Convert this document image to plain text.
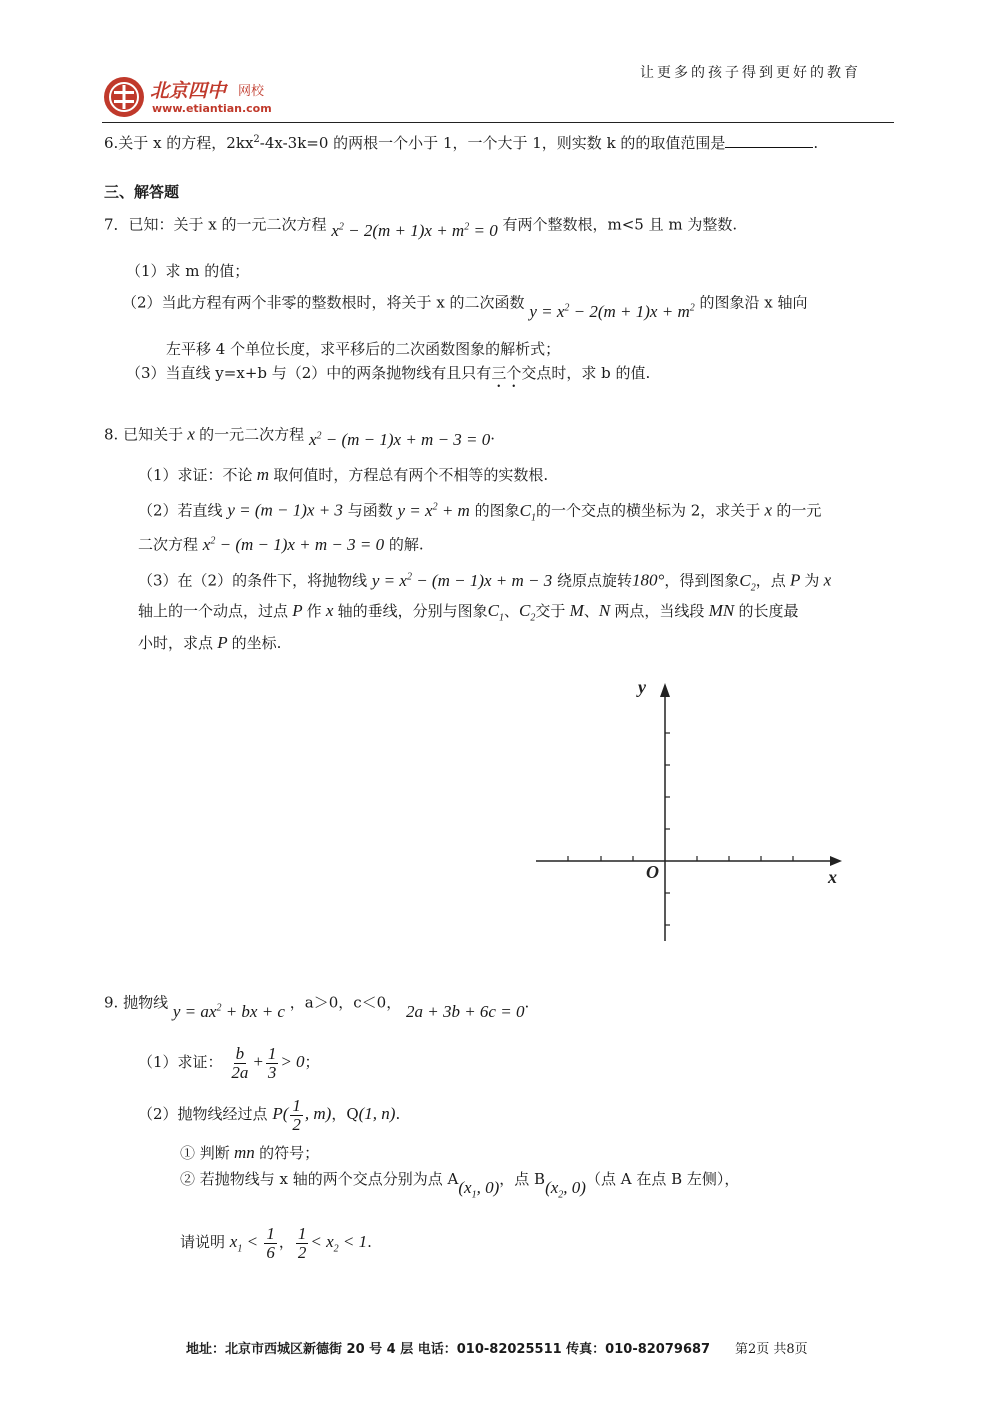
让更多的孩子得到更好的教育
北京四中 网校
www.etiantian.com
6.关于 x 的方程，$2kx^2-4x-3k=0$ 的两根一个小于 1，一个大于 1，则实数 k 的的取值范围是	.
三、解答题
7．已知：关于 x 的一元二次方程 $x^2 - 2(m + 1)x + m^2 = 0$ 有两个整数根，m<5 且 m 为整数.
（1）求 m 的值；
（2）当此方程有两个非零的整数根时，将关于 x 的二次函数 $y = x^2 - 2(m + 1)x + m^2$ 的图象沿 x 轴向
左平移 4 个单位长度，求平移后的二次函数图象的解析式；
（3）当直线 y=x+b 与（2）中的两条抛物线有且只有三个交点时，求 b 的值.
8. 已知关于 x 的一元二次方程 $x^2 - (m - 1)x + m - 3 = 0$.
（1）求证：不论 m 取何值时，方程总有两个不相等的实数根.
（2）若直线 y = (m − 1)x + 3 与函数 $y = x^2 + m$ 的图象$C_1$的一个交点的横坐标为 2，求关于 x 的一元
二次方程 $x^2 - (m - 1)x + m - 3 = 0$ 的解.
（3）在（2）的条件下，将抛物线 $y = x^2 - (m - 1)x + m - 3$ 绕原点旋转180°，得到图象$C_2$，点 P 为 x
轴上的一个动点，过点 P 作 x 轴的垂线，分别与图象$C_1$、$C_2$交于 M、N 两点，当线段 MN 的长度最
小时，求点 P 的坐标.
y
x
O
9. 抛物线 $y = ax^2$ + bx + c ，a＞0，c＜0， 2a + 3b + 6c = 0.
（1）求证： $\frac{b}{2a} + \frac{1}{3} > 0$；
（2）抛物线经过点 $P( \frac{1}{2}$ , m)，Q(1, n).
① 判断 mn 的符号；
② 若抛物线与 x 轴的两个交点分别为点 $A(x_1$, 0)，点 $B(x_2$, 0)（点 A 在点 B 左侧），
请说明 $x_1 < \frac{1}{6}$ ， $\frac{1}{2} < x_2 < 1$.
地址：北京市西城区新德街 20 号 4 层 电话：010-82025511 传真：010-82079687 第2页 共8页
